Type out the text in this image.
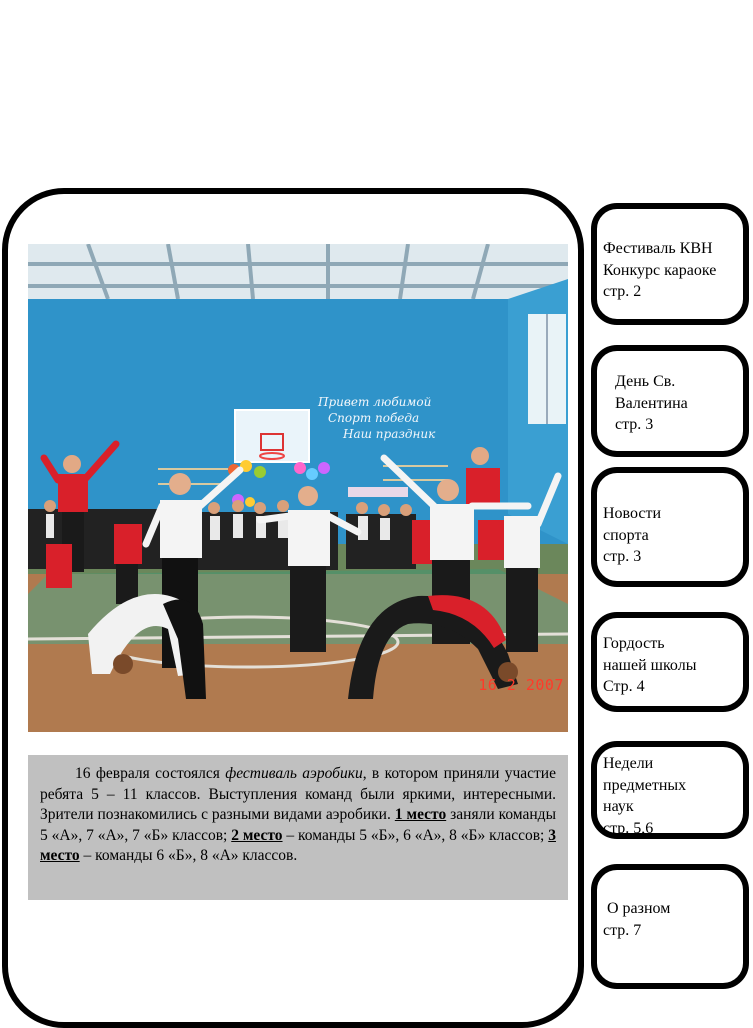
Привет любимой
Спорт победа
Наш праздник
16 2 2007

16 февраля состоялся фестиваль аэробики, в котором приняли участие ребята 5 – 11 классов. Выступления команд были яркими, интересными. Зрители познакомились с разными видами аэробики. 1 место заняли команды 5 «А», 7 «А», 7 «Б» классов; 2 место – команды 5 «Б», 6 «А», 8 «Б» классов; 3 место – команды 6 «Б», 8 «А» классов.

Фестиваль КВН
Конкурс караоке
стр. 2
День Св.
Валентина
стр. 3
Новости
спорта
стр. 3
Гордость
нашей школы
Стр. 4
Недели
предметных
наук
стр. 5,6
О разном
стр. 7
